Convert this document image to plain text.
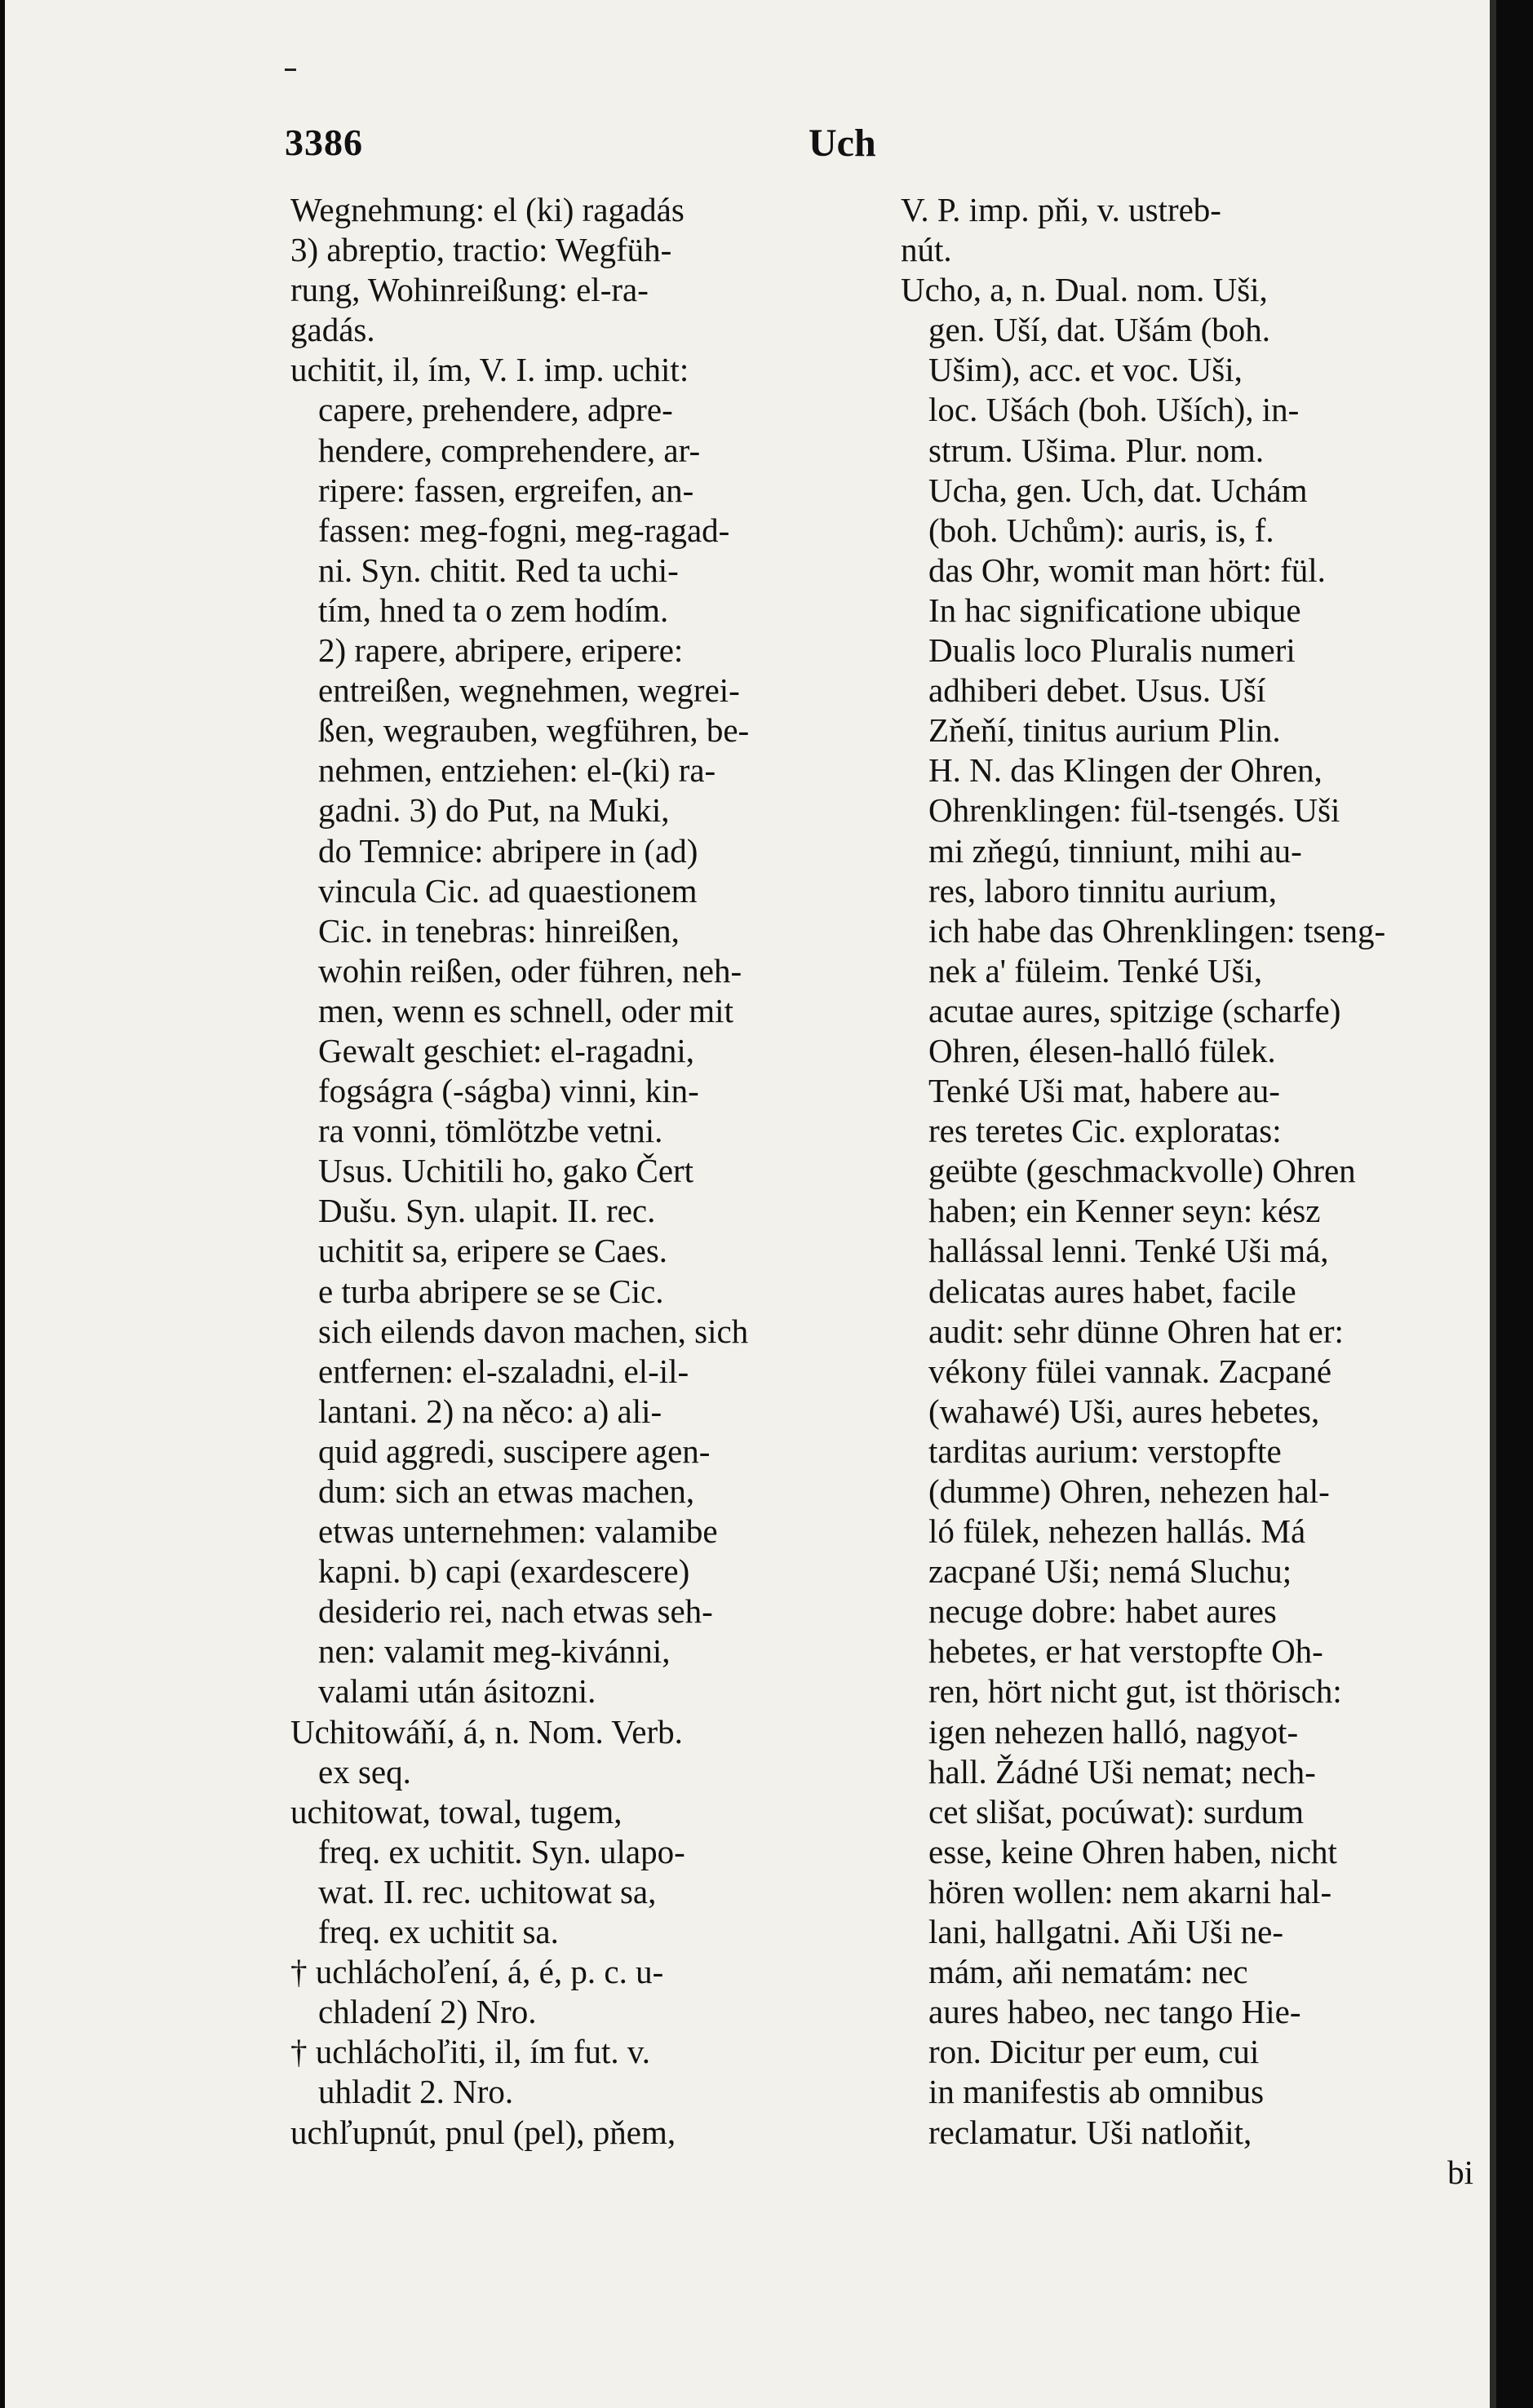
3386	Uch
Wegnehmung: el (ki) ragadás
3) abreptio, tractio: Wegfüh-
rung, Wohinreißung: el-ra-
gadás.
uchitit, il, ím, V. I. imp. uchit:
capere, prehendere, adpre-
hendere, comprehendere, ar-
ripere: fassen, ergreifen, an-
fassen: meg-fogni, meg-ragad-
ni. Syn. chitit. Red ta uchi-
tím, hned ta o zem hodím.
2) rapere, abripere, eripere:
entreißen, wegnehmen, wegrei-
ßen, wegrauben, wegführen, be-
nehmen, entziehen: el-(ki) ra-
gadni. 3) do Put, na Muki,
do Temnice: abripere in (ad)
vincula Cic. ad quaestionem
Cic. in tenebras: hinreißen,
wohin reißen, oder führen, neh-
men, wenn es schnell, oder mit
Gewalt geschiet: el-ragadni,
fogságra (-ságba) vinni, kin-
ra vonni, tömlötzbe vetni.
Usus. Uchitili ho, gako Čert
Dušu. Syn. ulapit. II. rec.
uchitit sa, eripere se Caes.
e turba abripere se se Cic.
sich eilends davon machen, sich
entfernen: el-szaladni, el-il-
lantani. 2) na něco: a) ali-
quid aggredi, suscipere agen-
dum: sich an etwas machen,
etwas unternehmen: valamibe
kapni. b) capi (exardescere)
desiderio rei, nach etwas seh-
nen: valamit meg-kivánni,
valami után ásitozni.
Uchitowáňí, á, n. Nom. Verb.
ex seq.
uchitowat, towal, tugem,
freq. ex uchitit. Syn. ulapo-
wat. II. rec. uchitowat sa,
freq. ex uchitit sa.
† uchláchoľení, á, é, p. c. u-
chladení 2) Nro.
† uchláchoľiti, il, ím fut. v.
uhladit 2. Nro.
uchľupnút, pnul (pel), pňem,
V. P. imp. pňi, v. ustreb-
nút.
Ucho, a, n. Dual. nom. Uši,
gen. Uší, dat. Ušám (boh.
Ušim), acc. et voc. Uši,
loc. Ušách (boh. Uších), in-
strum. Ušima. Plur. nom.
Ucha, gen. Uch, dat. Uchám
(boh. Uchům): auris, is, f.
das Ohr, womit man hört: fül.
In hac significatione ubique
Dualis loco Pluralis numeri
adhiberi debet. Usus. Uší
Zňeňí, tinitus aurium Plin.
H. N. das Klingen der Ohren,
Ohrenklingen: fül-tsengés. Uši
mi zňegú, tinniunt, mihi au-
res, laboro tinnitu aurium,
ich habe das Ohrenklingen: tseng-
nek a' füleim. Tenké Uši,
acutae aures, spitzige (scharfe)
Ohren, élesen-halló fülek.
Tenké Uši mat, habere au-
res teretes Cic. exploratas:
geübte (geschmackvolle) Ohren
haben; ein Kenner seyn: kész
hallással lenni. Tenké Uši má,
delicatas aures habet, facile
audit: sehr dünne Ohren hat er:
vékony fülei vannak. Zacpané
(wahawé) Uši, aures hebetes,
tarditas aurium: verstopfte
(dumme) Ohren, nehezen hal-
ló fülek, nehezen hallás. Má
zacpané Uši; nemá Sluchu;
necuge dobre: habet aures
hebetes, er hat verstopfte Oh-
ren, hört nicht gut, ist thörisch:
igen nehezen halló, nagyot-
hall. Žádné Uši nemat; nech-
cet slišat, pocúwat): surdum
esse, keine Ohren haben, nicht
hören wollen: nem akarni hal-
lani, hallgatni. Aňi Uši ne-
mám, aňi nematám: nec
aures habeo, nec tango Hie-
ron. Dicitur per eum, cui
in manifestis ab omnibus
reclamatur. Uši natloňit,
bi
